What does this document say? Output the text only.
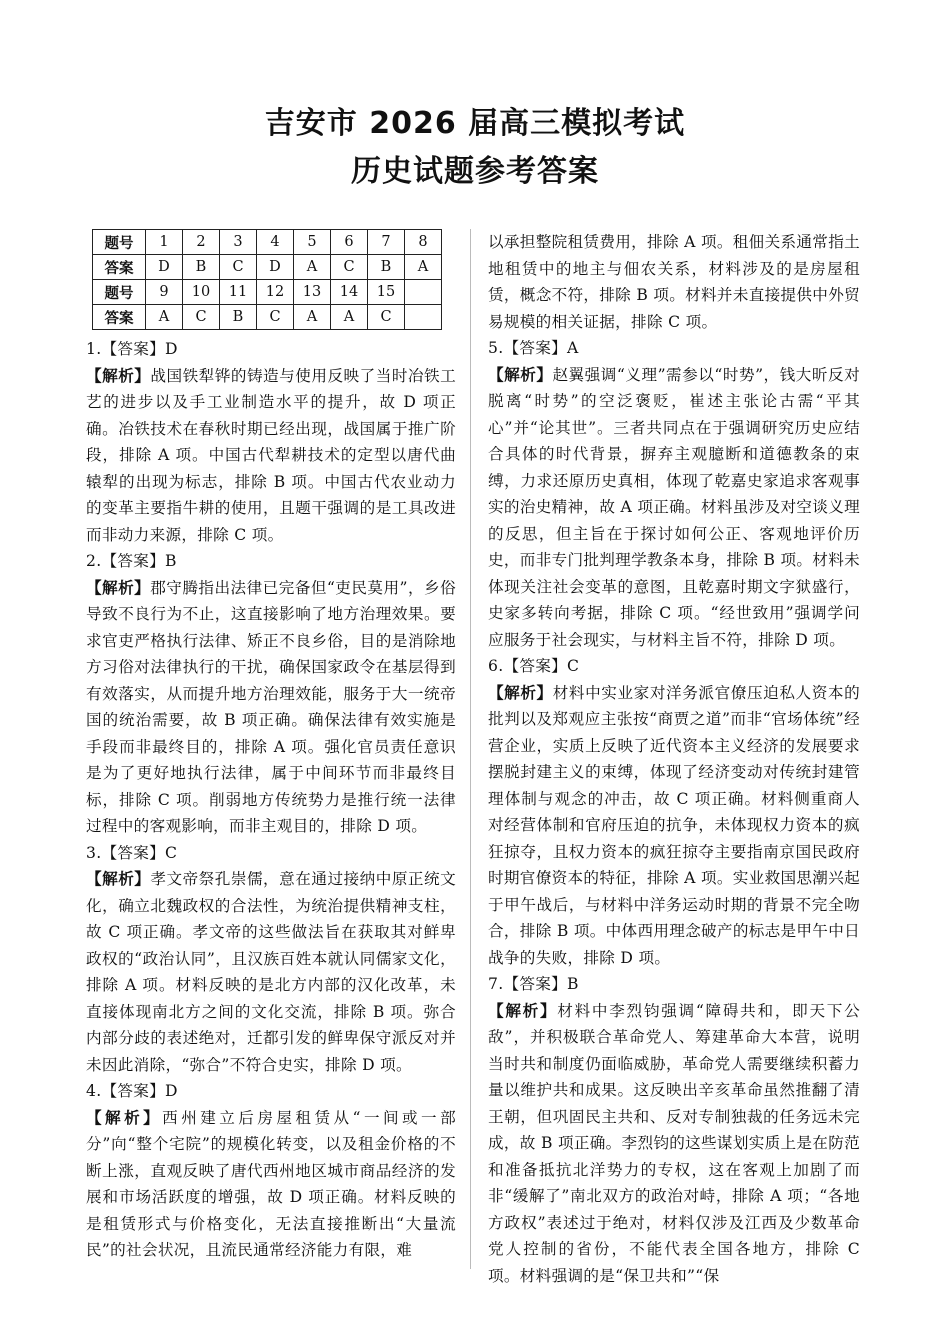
吉安市 2026 届高三模拟考试
历史试题参考答案
题号	1	2	3	4	5	6	7	8
答案	D	B	C	D	A	C	B	A
题号	9	10	11	12	13	14	15	
答案	A	C	B	C	A	A	C	

1.【答案】D

【解析】战国铁犁铧的铸造与使用反映了当时冶铁工艺的进步以及手工业制造水平的提升，故 D 项正确。冶铁技术在春秋时期已经出现，战国属于推广阶段，排除 A 项。中国古代犁耕技术的定型以唐代曲辕犁的出现为标志，排除 B 项。中国古代农业动力的变革主要指牛耕的使用，且题干强调的是工具改进而非动力来源，排除 C 项。

2.【答案】B

【解析】郡守腾指出法律已完备但“吏民莫用”，乡俗导致不良行为不止，这直接影响了地方治理效果。要求官吏严格执行法律、矫正不良乡俗，目的是消除地方习俗对法律执行的干扰，确保国家政令在基层得到有效落实，从而提升地方治理效能，服务于大一统帝国的统治需要，故 B 项正确。确保法律有效实施是手段而非最终目的，排除 A 项。强化官员责任意识是为了更好地执行法律，属于中间环节而非最终目标，排除 C 项。削弱地方传统势力是推行统一法律过程中的客观影响，而非主观目的，排除 D 项。

3.【答案】C

【解析】孝文帝祭孔崇儒，意在通过接纳中原正统文化，确立北魏政权的合法性，为统治提供精神支柱，故 C 项正确。孝文帝的这些做法旨在获取其对鲜卑政权的“政治认同”，且汉族百姓本就认同儒家文化，排除 A 项。材料反映的是北方内部的汉化改革，未直接体现南北方之间的文化交流，排除 B 项。弥合内部分歧的表述绝对，迁都引发的鲜卑保守派反对并未因此消除，“弥合”不符合史实，排除 D 项。

4.【答案】D

【解析】西州建立后房屋租赁从“一间或一部分”向“整个宅院”的规模化转变，以及租金价格的不断上涨，直观反映了唐代西州地区城市商品经济的发展和市场活跃度的增强，故 D 项正确。材料反映的是租赁形式与价格变化，无法直接推断出“大量流民”的社会状况，且流民通常经济能力有限，难

以承担整院租赁费用，排除 A 项。租佃关系通常指土地租赁中的地主与佃农关系，材料涉及的是房屋租赁，概念不符，排除 B 项。材料并未直接提供中外贸易规模的相关证据，排除 C 项。

5.【答案】A

【解析】赵翼强调“义理”需参以“时势”，钱大昕反对脱离“时势”的空泛褒贬，崔述主张论古需“平其心”并“论其世”。三者共同点在于强调研究历史应结合具体的时代背景，摒弃主观臆断和道德教条的束缚，力求还原历史真相，体现了乾嘉史家追求客观事实的治史精神，故 A 项正确。材料虽涉及对空谈义理的反思，但主旨在于探讨如何公正、客观地评价历史，而非专门批判理学教条本身，排除 B 项。材料未体现关注社会变革的意图，且乾嘉时期文字狱盛行，史家多转向考据，排除 C 项。“经世致用”强调学问应服务于社会现实，与材料主旨不符，排除 D 项。

6.【答案】C

【解析】材料中实业家对洋务派官僚压迫私人资本的批判以及郑观应主张按“商贾之道”而非“官场体统”经营企业，实质上反映了近代资本主义经济的发展要求摆脱封建主义的束缚，体现了经济变动对传统封建管理体制与观念的冲击，故 C 项正确。材料侧重商人对经营体制和官府压迫的抗争，未体现权力资本的疯狂掠夺，且权力资本的疯狂掠夺主要指南京国民政府时期官僚资本的特征，排除 A 项。实业救国思潮兴起于甲午战后，与材料中洋务运动时期的背景不完全吻合，排除 B 项。中体西用理念破产的标志是甲午中日战争的失败，排除 D 项。

7.【答案】B

【解析】材料中李烈钧强调“障碍共和，即天下公敌”，并积极联合革命党人、筹建革命大本营，说明当时共和制度仍面临威胁，革命党人需要继续积蓄力量以维护共和成果。这反映出辛亥革命虽然推翻了清王朝，但巩固民主共和、反对专制独裁的任务远未完成，故 B 项正确。李烈钧的这些谋划实质上是在防范和准备抵抗北洋势力的专权，这在客观上加剧了而非“缓解了”南北双方的政治对峙，排除 A 项；“各地方政权”表述过于绝对，材料仅涉及江西及少数革命党人控制的省份，不能代表全国各地方，排除 C 项。材料强调的是“保卫共和”“保
